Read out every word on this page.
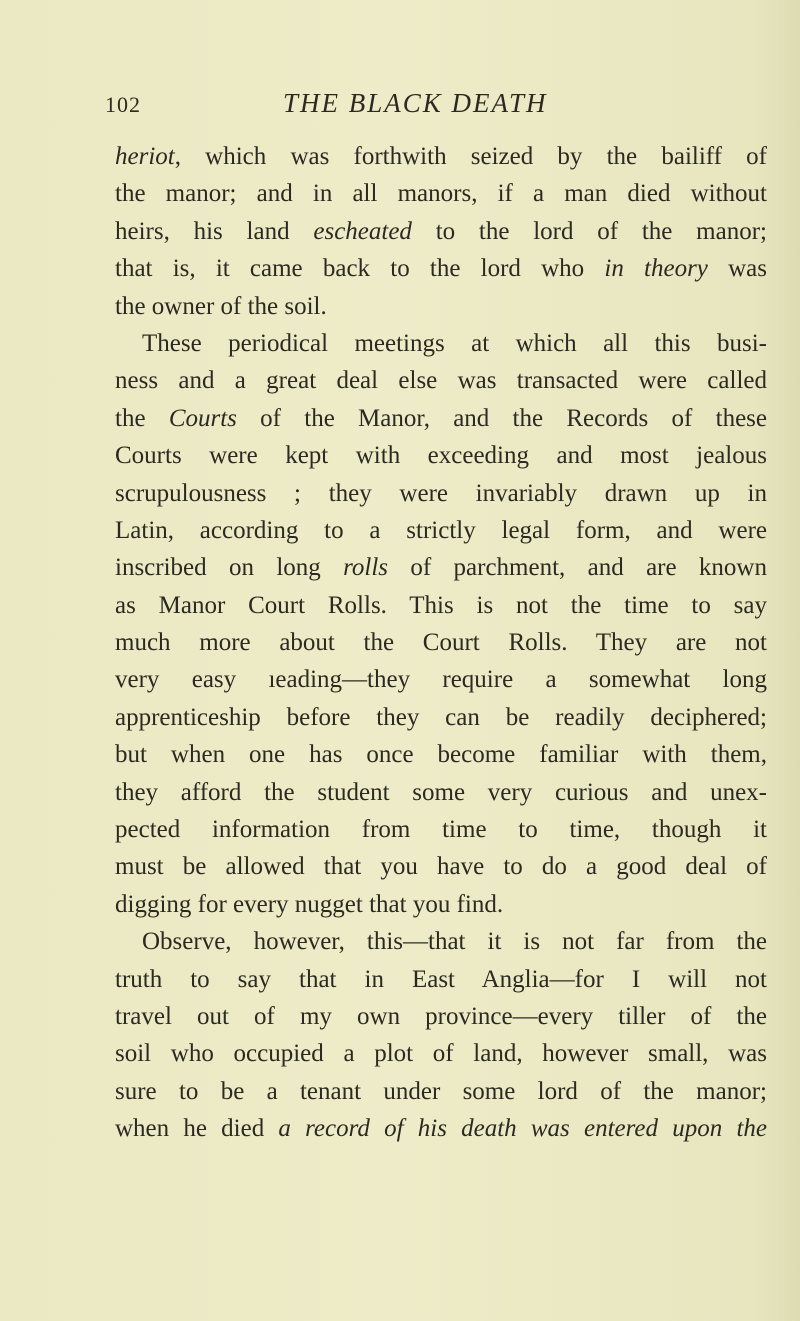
102	THE BLACK DEATH
heriot, which was forthwith seized by the bailiff of
the manor; and in all manors, if a man died without
heirs, his land escheated to the lord of the manor;
that is, it came back to the lord who in theory was
the owner of the soil.
These periodical meetings at which all this busi-
ness and a great deal else was transacted were called
the Courts of the Manor, and the Records of these
Courts were kept with exceeding and most jealous
scrupulousness ; they were invariably drawn up in
Latin, according to a strictly legal form, and were
inscribed on long rolls of parchment, and are known
as Manor Court Rolls. This is not the time to say
much more about the Court Rolls. They are not
very easy ıeading—they require a somewhat long
apprenticeship before they can be readily deciphered;
but when one has once become familiar with them,
they afford the student some very curious and unex-
pected information from time to time, though it
must be allowed that you have to do a good deal of
digging for every nugget that you find.
Observe, however, this—that it is not far from the
truth to say that in East Anglia—for I will not
travel out of my own province—every tiller of the
soil who occupied a plot of land, however small, was
sure to be a tenant under some lord of the manor;
when he died a record of his death was entered upon the
